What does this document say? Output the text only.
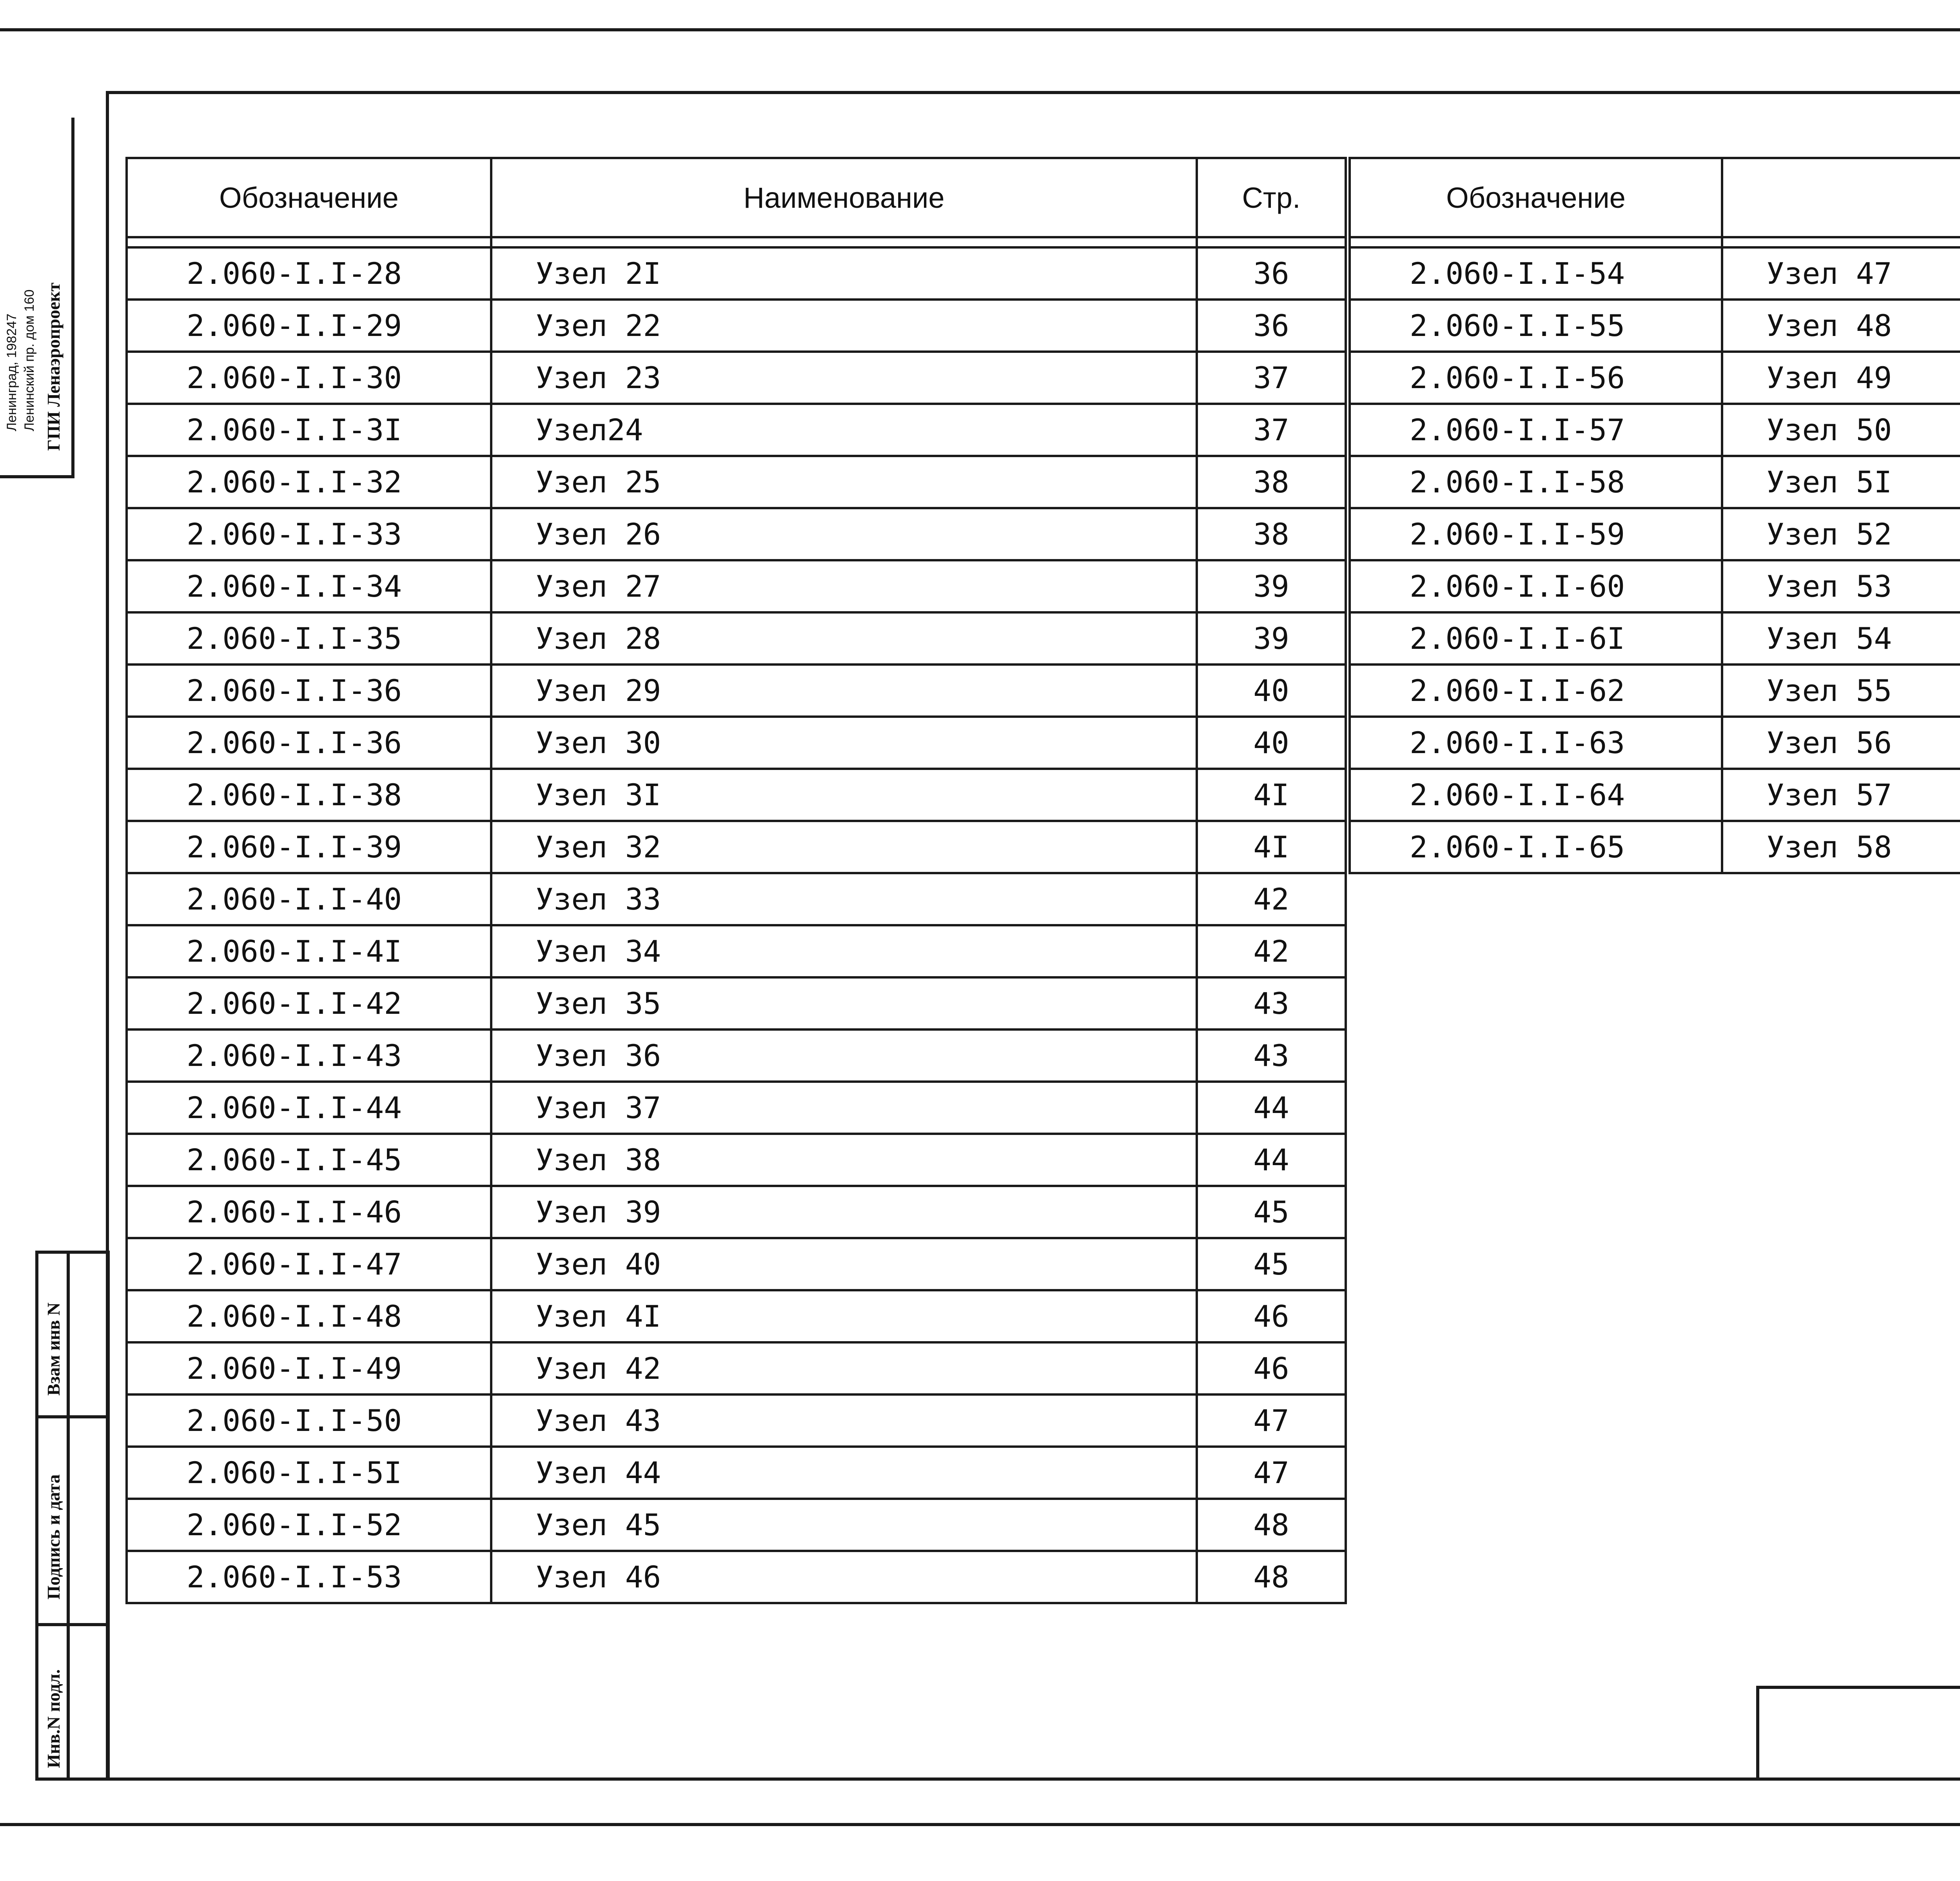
Ленинград, 198247 Ленинский пр. дом 160 ГПИ Ленаэропроект
Взам инв N
Подпись и дата
Инв.N подл.
Обозначение	Наименование	Стр.

2.060-I.I-28	Узел 2I	36
2.060-I.I-29	Узел 22	36
2.060-I.I-30	Узел 23	37
2.060-I.I-3I	Узел24	37
2.060-I.I-32	Узел 25	38
2.060-I.I-33	Узел 26	38
2.060-I.I-34	Узел 27	39
2.060-I.I-35	Узел 28	39
2.060-I.I-36	Узел 29	40
2.060-I.I-36	Узел 30	40
2.060-I.I-38	Узел 3I	4I
2.060-I.I-39	Узел 32	4I
2.060-I.I-40	Узел 33	42
2.060-I.I-4I	Узел 34	42
2.060-I.I-42	Узел 35	43
2.060-I.I-43	Узел 36	43
2.060-I.I-44	Узел 37	44
2.060-I.I-45	Узел 38	44
2.060-I.I-46	Узел 39	45
2.060-I.I-47	Узел 40	45
2.060-I.I-48	Узел 4I	46
2.060-I.I-49	Узел 42	46
2.060-I.I-50	Узел 43	47
2.060-I.I-5I	Узел 44	47
2.060-I.I-52	Узел 45	48
2.060-I.I-53	Узел 46	48
Обозначение		

2.060-I.I-54	Узел 47	
2.060-I.I-55	Узел 48	
2.060-I.I-56	Узел 49	
2.060-I.I-57	Узел 50	
2.060-I.I-58	Узел 5I	
2.060-I.I-59	Узел 52	
2.060-I.I-60	Узел 53	
2.060-I.I-6I	Узел 54	
2.060-I.I-62	Узел 55	
2.060-I.I-63	Узел 56	
2.060-I.I-64	Узел 57	
2.060-I.I-65	Узел 58	
